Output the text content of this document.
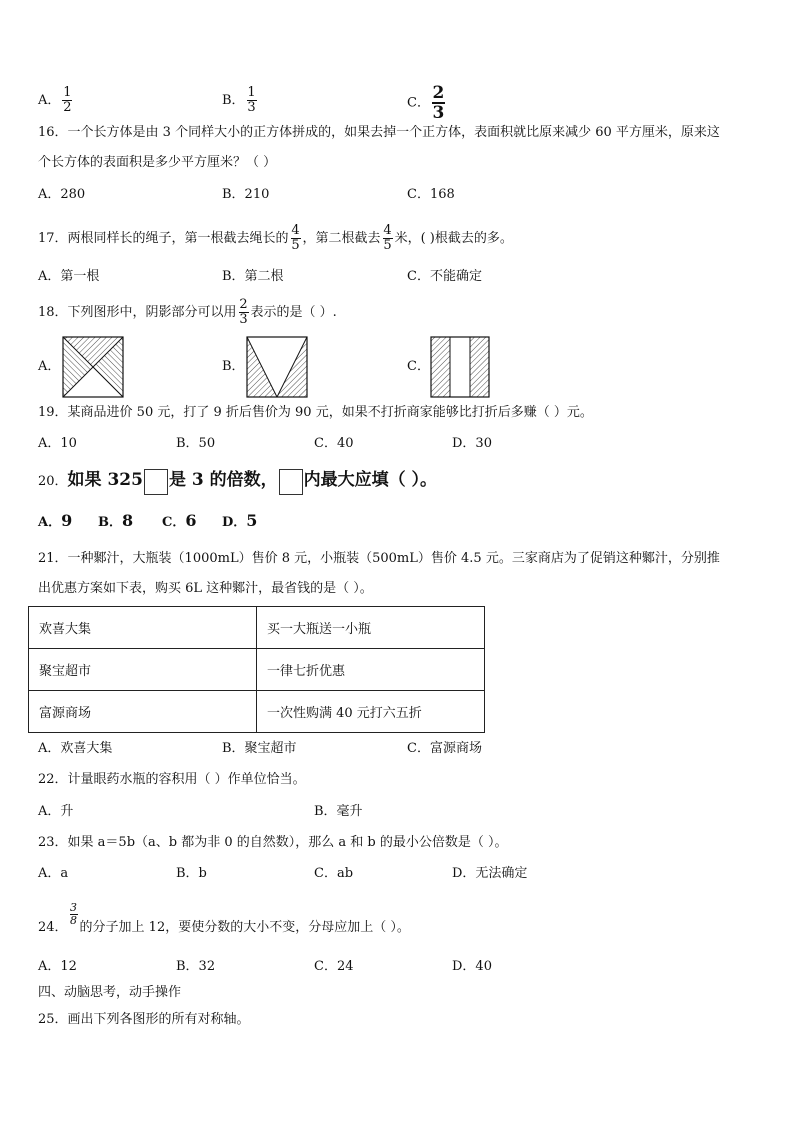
A． $\frac{1}{2}$	B． $\frac{1}{3}$	C． $\frac{2}{3}$
16．一个长方体是由 3 个同样大小的正方体拼成的，如果去掉一个正方体，表面积就比原来减少 60 平方厘米，原来这
个长方体的表面积是多少平方厘米？（ ）
A．280	B．210	C．168
17．两根同样长的绳子，第一根截去绳长的 $\frac{4}{5}$ ，第二根截去 $\frac{4}{5}$ 米，( )根截去的多。
A．第一根	B．第二根	C．不能确定
18．下列图形中，阴影部分可以用 $\frac{2}{3}$ 表示的是（ ）.
A．	B．	C．
19．某商品进价 50 元，打了 9 折后售价为 90 元，如果不打折商家能够比打折后多赚（ ）元。
A．10	B．50	C．40	D．30
20．如果 325 是 3 的倍数， 内最大应填（ ）。
A．9 B．8 C．6 D．5
21．一种鄹汁，大瓶装（1000mL）售价 8 元，小瓶装（500mL）售价 4.5 元。三家商店为了促销这种鄹汁，分别推
出优惠方案如下表，购买 6L 这种鄹汁，最省钱的是（ ）。
欢喜大集	买一大瓶送一小瓶
聚宝超市	一律七折优惠
富源商场	一次性购满 40 元打六五折
A．欢喜大集	B．聚宝超市	C．富源商场
22．计量眼药水瓶的容积用（ ）作单位恰当。
A．升	B．毫升
23．如果 a＝5b（a、b 都为非 0 的自然数），那么 a 和 b 的最小公倍数是（ ）。
A．a	B．b	C．ab	D．无法确定
24．
$\frac{3}{8}$
的分子加上 12，要使分数的大小不变，分母应加上（ ）。
A．12	B．32	C．24	D．40
四、动脑思考，动手操作
25．画出下列各图形的所有对称轴。
